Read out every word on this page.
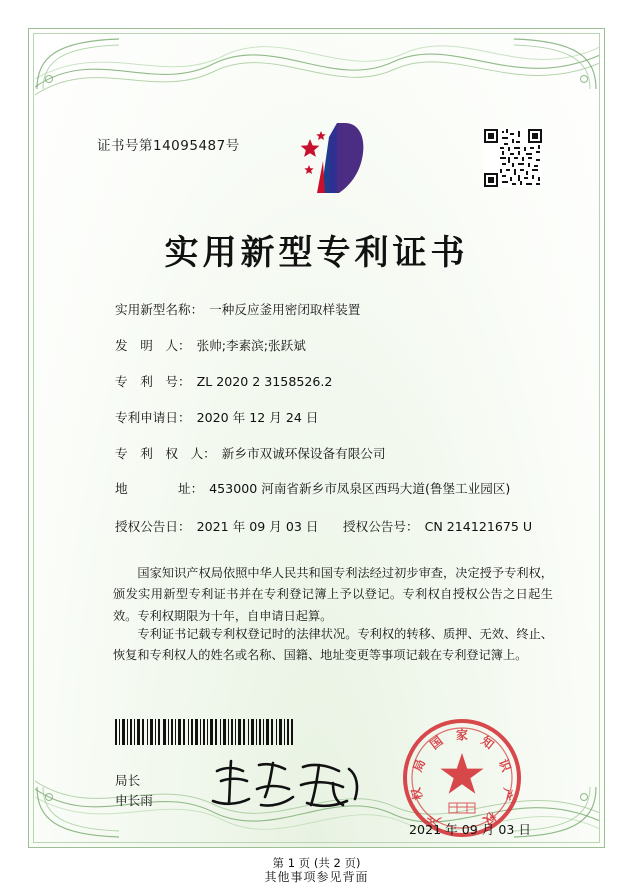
证书号第14095487号
实用新型专利证书
实用新型名称： 一种反应釜用密闭取样装置
发　明　人： 张帅;李素滨;张跃斌
专　利　号： ZL 2020 2 3158526.2
专利申请日： 2020 年 12 月 24 日
专　利　权　人： 新乡市双诚环保设备有限公司
地　　　　址： 453000 河南省新乡市凤泉区西玛大道(鲁堡工业园区)
授权公告日： 2021 年 09 月 03 日 授权公告号： CN 214121675 U
国家知识产权局依照中华人民共和国专利法经过初步审查，决定授予专利权，颁发实用新型专利证书并在专利登记簿上予以登记。专利权自授权公告之日起生效。专利权期限为十年，自申请日起算。
专利证书记载专利权登记时的法律状况。专利权的转移、质押、无效、终止、恢复和专利权人的姓名或名称、国籍、地址变更等事项记载在专利登记簿上。
局长
申长雨
家
国	知
局	识
权	产
产	权
2021 年 09 月 03 日
第 1 页 (共 2 页)
其他事项参见背面
